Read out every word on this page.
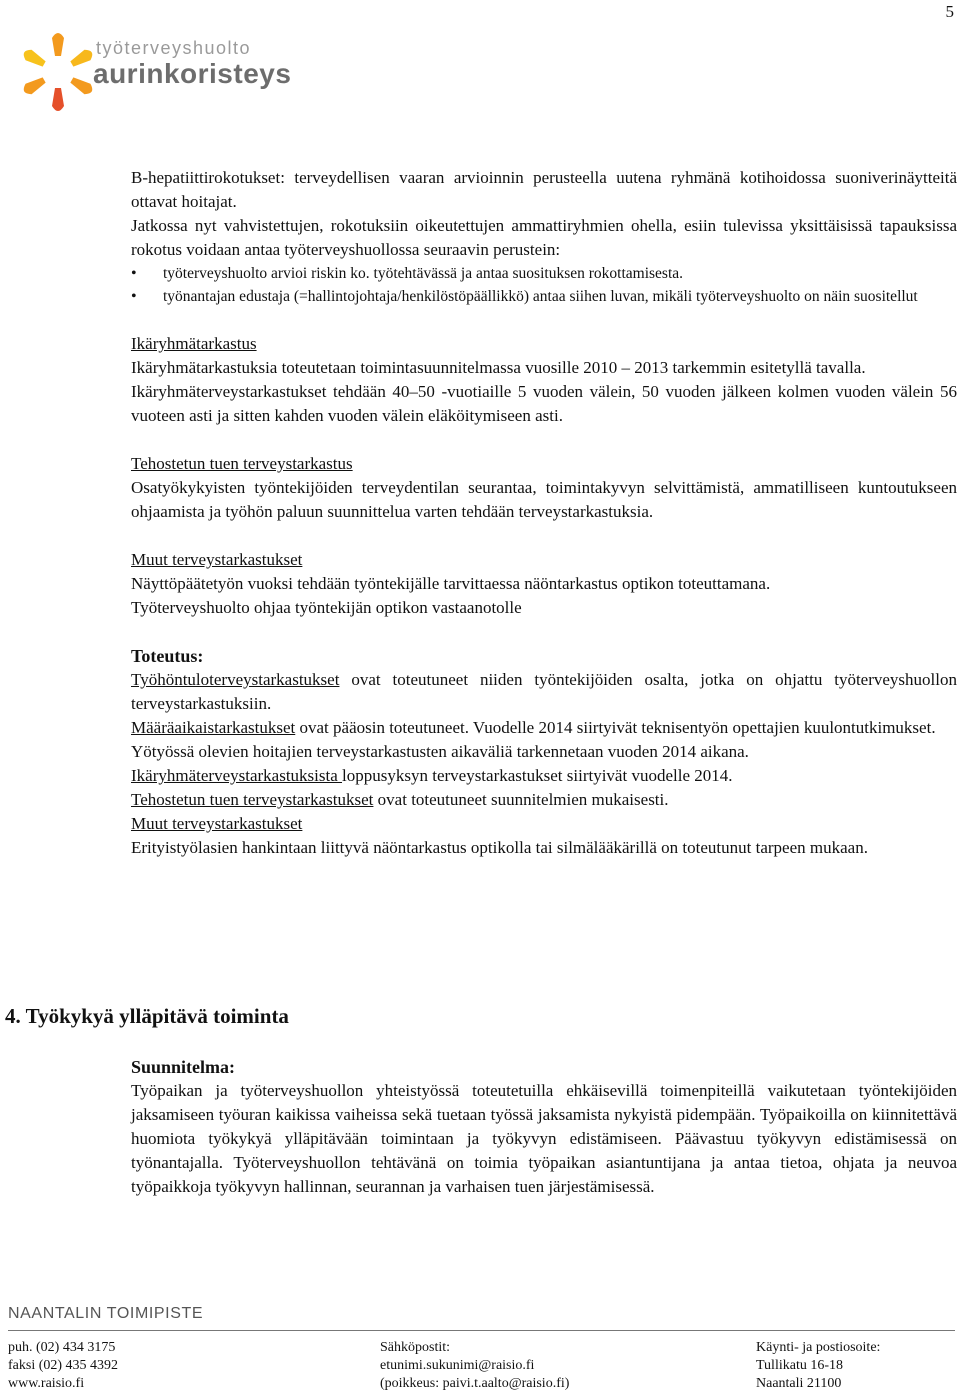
5
työterveyshuolto
aurinkoristeys

B-hepatiittirokotukset: terveydellisen vaaran arvioinnin perusteella uutena ryhmänä kotihoidossa suoniverinäytteitä ottavat hoitajat.

Jatkossa nyt vahvistettujen, rokotuksiin oikeutettujen ammattiryhmien ohella, esiin tulevissa yksittäisissä tapauksissa rokotus voidaan antaa työterveyshuollossa seuraavin perustein:

• työterveyshuolto arvioi riskin ko. työtehtävässä ja antaa suosituksen rokottamisesta.
• työnantajan edustaja (=hallintojohtaja/henkilöstöpäällikkö) antaa siihen luvan, mikäli työterveyshuolto on näin suositellut
Ikäryhmätarkastus

Ikäryhmätarkastuksia toteutetaan toimintasuunnitelmassa vuosille 2010 – 2013 tarkemmin esitetyllä tavalla.

Ikäryhmäterveystarkastukset tehdään 40–50 -vuotiaille 5 vuoden välein, 50 vuoden jälkeen kolmen vuoden välein 56 vuoteen asti ja sitten kahden vuoden välein eläköitymiseen asti.

Tehostetun tuen terveystarkastus

Osatyökykyisten työntekijöiden terveydentilan seurantaa, toimintakyvyn selvittämistä, ammatilliseen kuntoutukseen ohjaamista ja työhön paluun suunnittelua varten tehdään terveystarkastuksia.

Muut terveystarkastukset

Näyttöpäätetyön vuoksi tehdään työntekijälle tarvittaessa näöntarkastus optikon toteuttamana.

Työterveyshuolto ohjaa työntekijän optikon vastaanotolle

Toteutus:

Työhöntuloterveystarkastukset ovat toteutuneet niiden työntekijöiden osalta, jotka on ohjattu työterveyshuollon terveystarkastuksiin.

Määräaikaistarkastukset ovat pääosin toteutuneet. Vuodelle 2014 siirtyivät teknisentyön opettajien kuulontutkimukset.

Yötyössä olevien hoitajien terveystarkastusten aikaväliä tarkennetaan vuoden 2014 aikana.

Ikäryhmäterveystarkastuksista loppusyksyn terveystarkastukset siirtyivät vuodelle 2014.

Tehostetun tuen terveystarkastukset ovat toteutuneet suunnitelmien mukaisesti.

Muut terveystarkastukset

Erityistyölasien hankintaan liittyvä näöntarkastus optikolla tai silmälääkärillä on toteutunut tarpeen mukaan.

4. Työkykyä ylläpitävä toiminta
Suunnitelma:

Työpaikan ja työterveyshuollon yhteistyössä toteutetuilla ehkäisevillä toimenpiteillä vaikutetaan työntekijöiden jaksamiseen työuran kaikissa vaiheissa sekä tuetaan työssä jaksamista nykyistä pidempään. Työpaikoilla on kiinnitettävä huomiota työkykyä ylläpitävään toimintaan ja työkyvyn edistämiseen. Päävastuu työkyvyn edistämisessä on työnantajalla. Työterveyshuollon tehtävänä on toimia työpaikan asiantuntijana ja antaa tietoa, ohjata ja neuvoa työpaikkoja työkyvyn hallinnan, seurannan ja varhaisen tuen järjestämisessä.

NAANTALIN TOIMIPISTE
puh. (02) 434 3175
faksi (02) 435 4392
www.raisio.fi
Sähköpostit:
etunimi.sukunimi@raisio.fi
(poikkeus: paivi.t.aalto@raisio.fi)
Käynti- ja postiosoite:
Tullikatu 16-18
Naantali 21100
